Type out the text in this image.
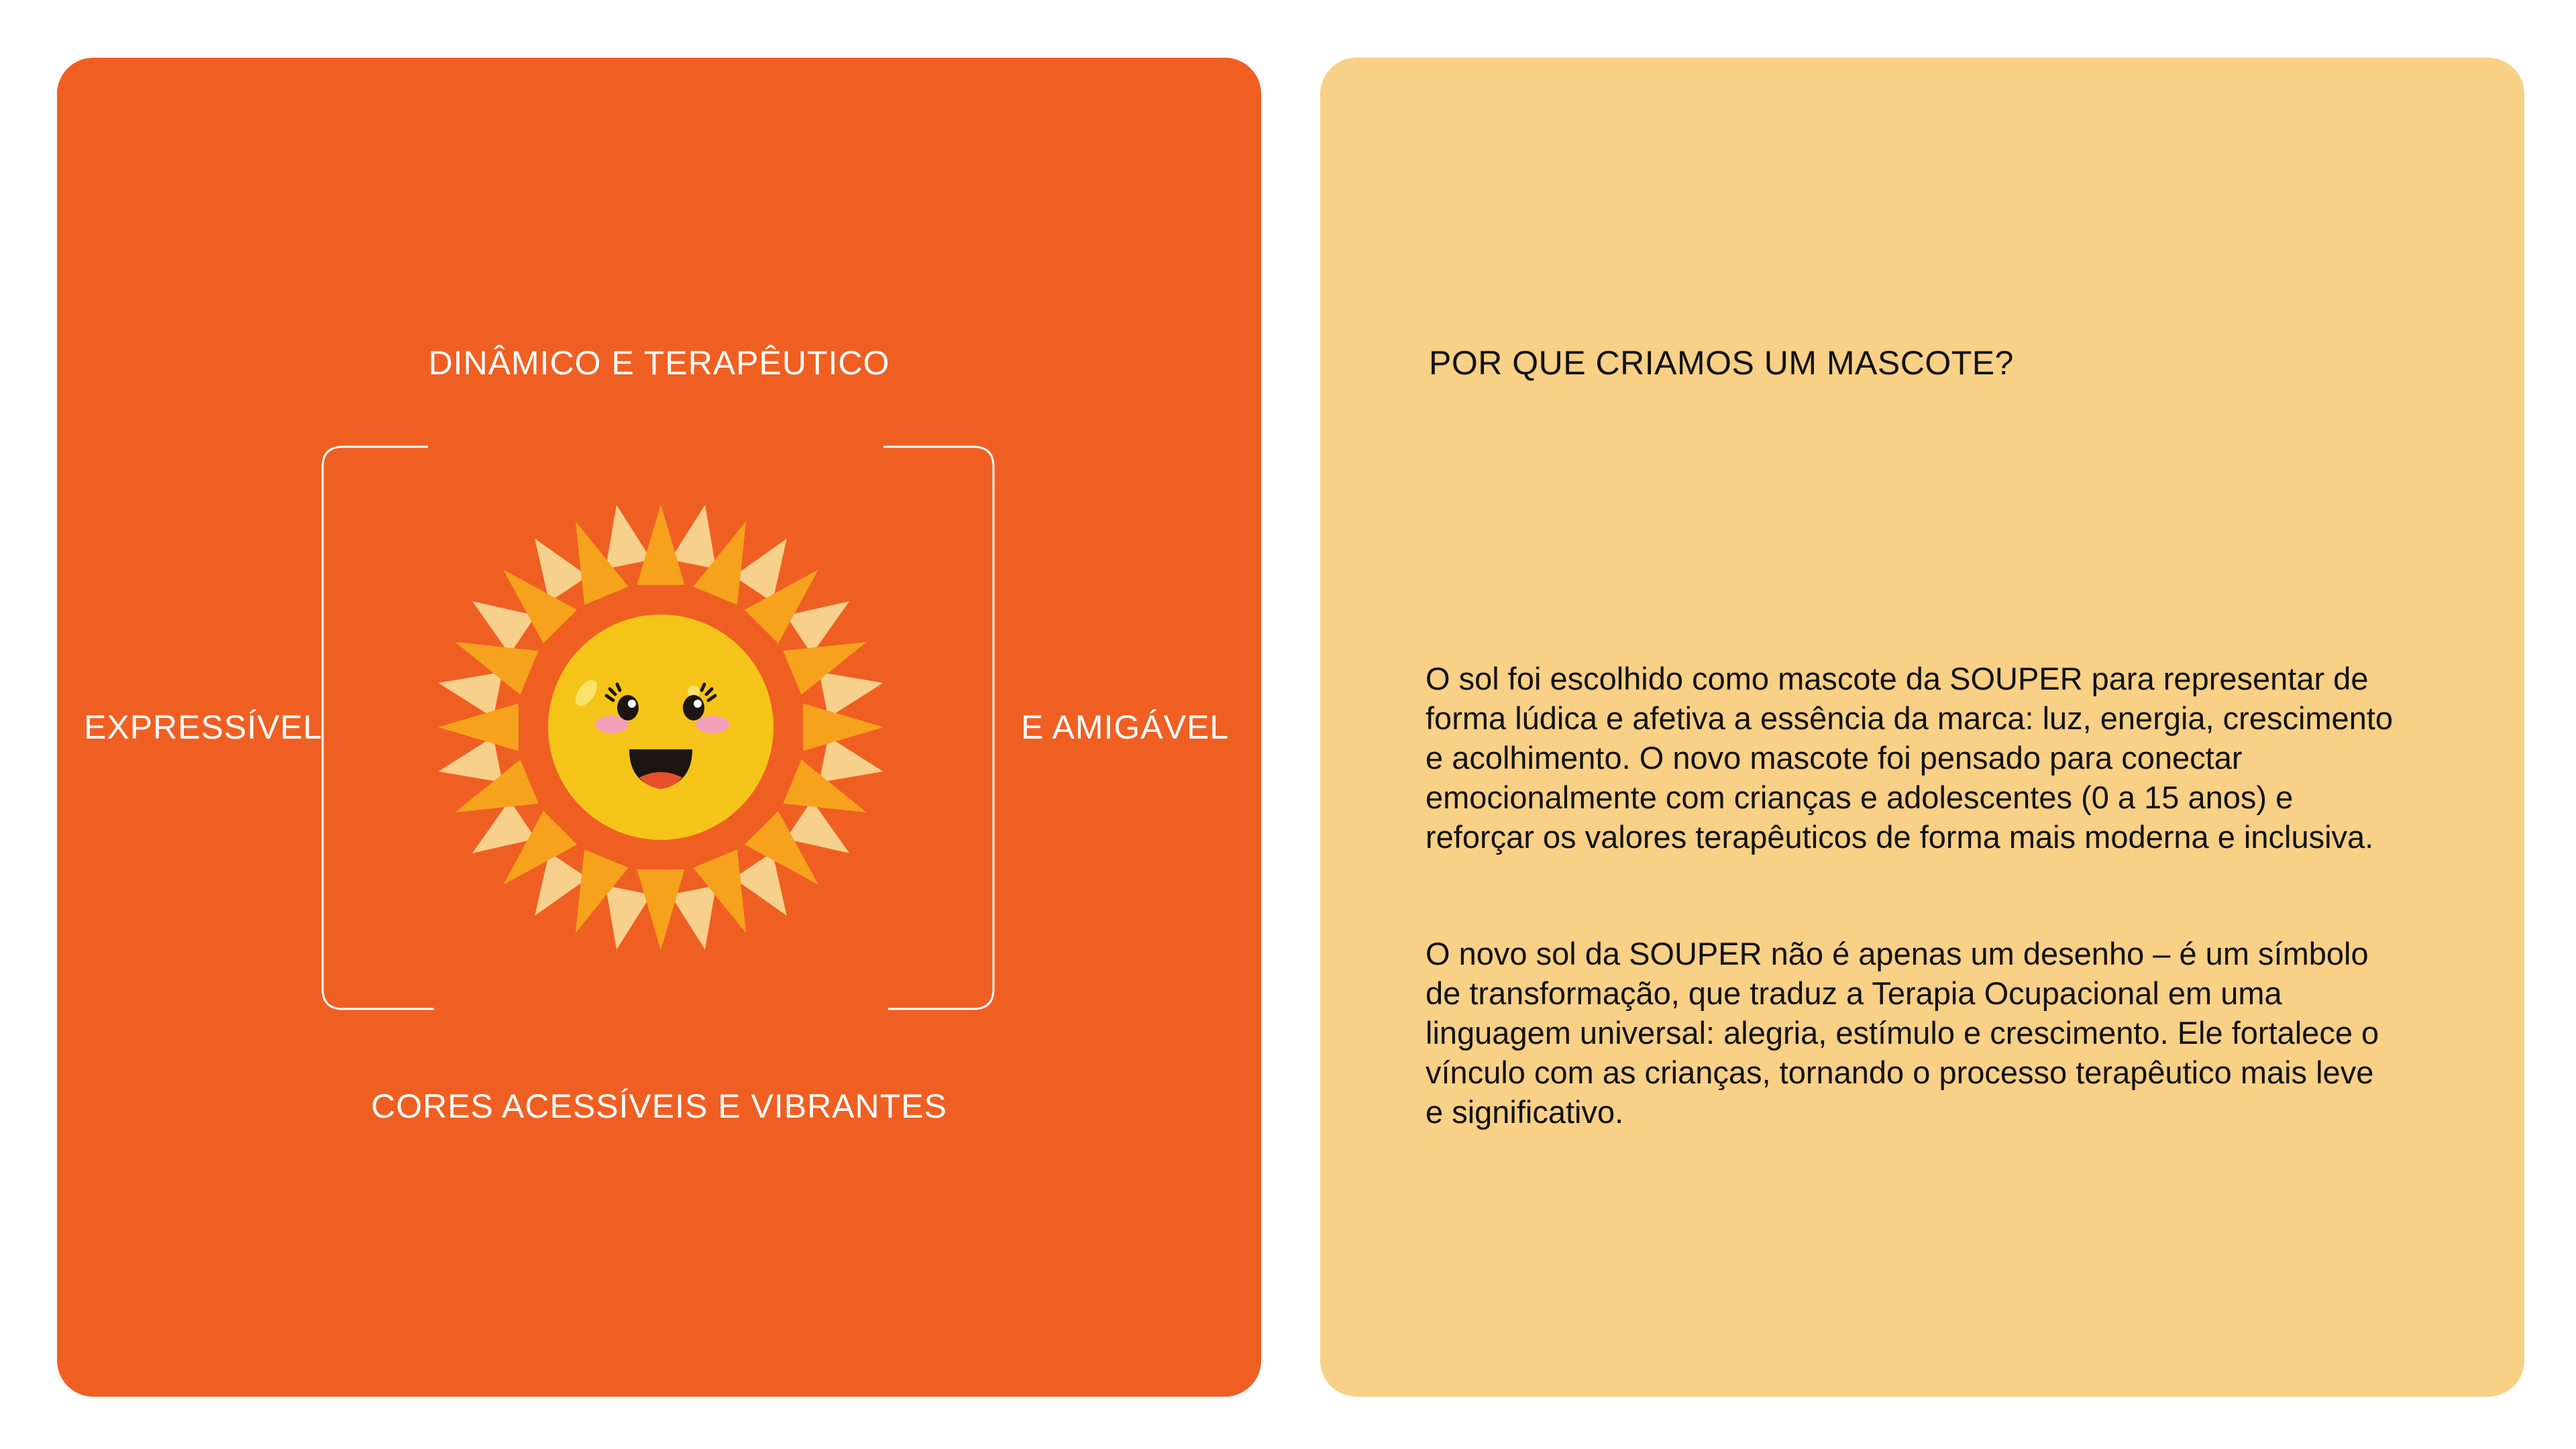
DINÂMICO E TERAPÊUTICO
EXPRESSÍVEL	E AMIGÁVEL
CORES ACESSÍVEIS E VIBRANTES
POR QUE CRIAMOS UM MASCOTE?

O sol foi escolhido como mascote da SOUPER para representar de forma lúdica e afetiva a essência da marca: luz, energia, crescimento e acolhimento. O novo mascote foi pensado para conectar emocionalmente com crianças e adolescentes (0 a 15 anos) e reforçar os valores terapêuticos de forma mais moderna e inclusiva.

O novo sol da SOUPER não é apenas um desenho – é um símbolo de transformação, que traduz a Terapia Ocupacional em uma linguagem universal: alegria, estímulo e crescimento. Ele fortalece o vínculo com as crianças, tornando o processo terapêutico mais leve e significativo.
